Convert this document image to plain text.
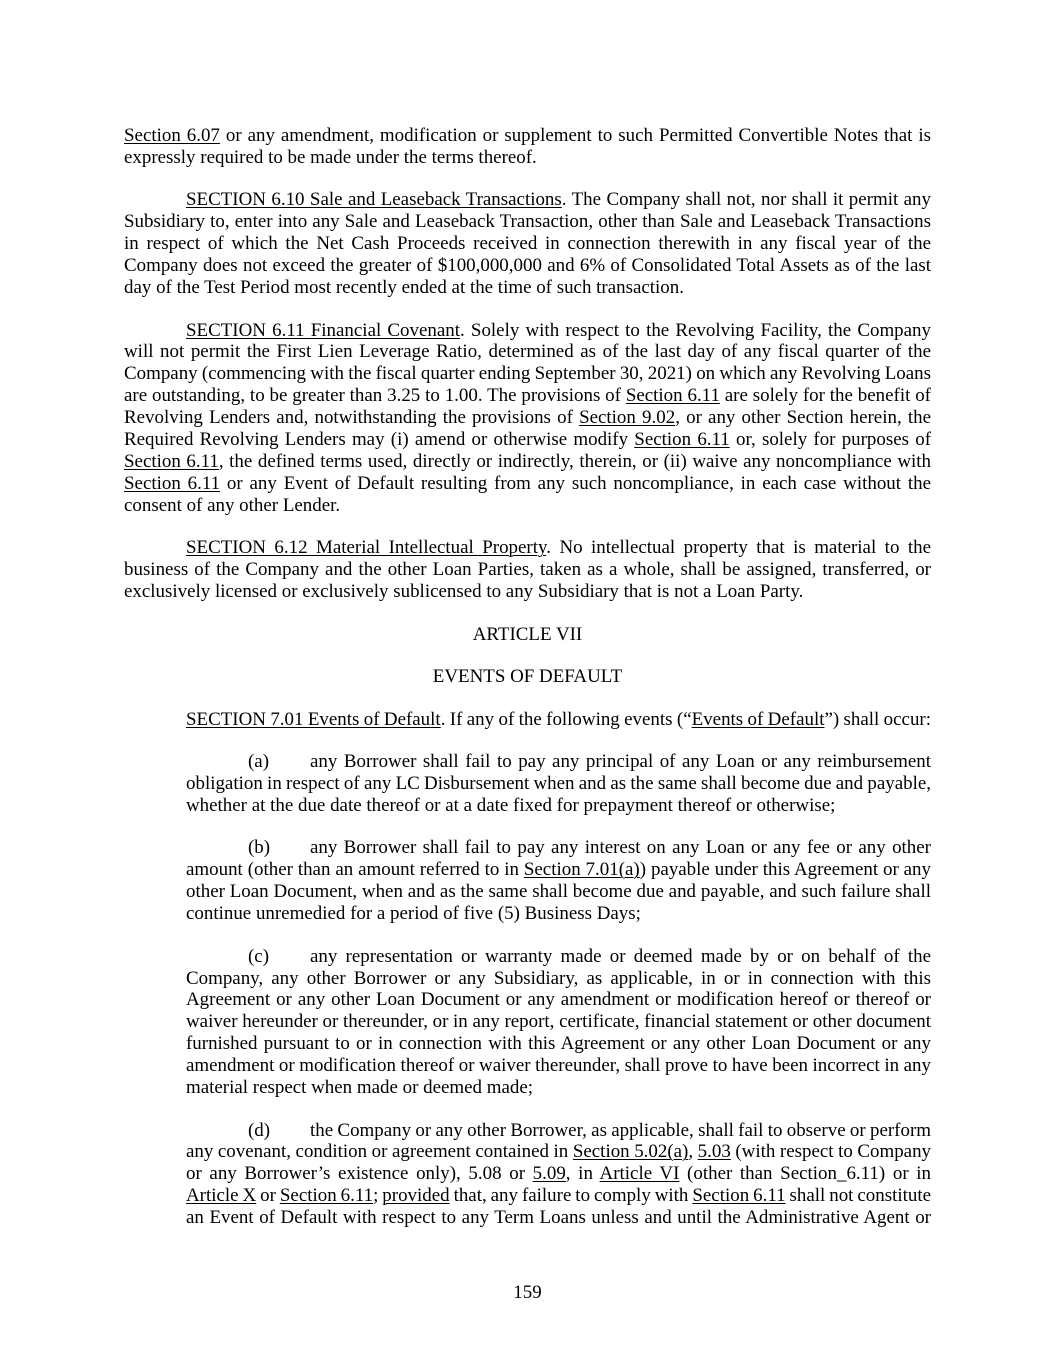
Section 6.07 or any amendment, modification or supplement to such Permitted Convertible Notes that is
expressly required to be made under the terms thereof.
SECTION 6.10 Sale and Leaseback Transactions. The Company shall not, nor shall it permit any
Subsidiary to, enter into any Sale and Leaseback Transaction, other than Sale and Leaseback Transactions
in respect of which the Net Cash Proceeds received in connection therewith in any fiscal year of the
Company does not exceed the greater of $100,000,000 and 6% of Consolidated Total Assets as of the last
day of the Test Period most recently ended at the time of such transaction.
SECTION 6.11 Financial Covenant. Solely with respect to the Revolving Facility, the Company
will not permit the First Lien Leverage Ratio, determined as of the last day of any fiscal quarter of the
Company (commencing with the fiscal quarter ending September 30, 2021) on which any Revolving Loans
are outstanding, to be greater than 3.25 to 1.00. The provisions of Section 6.11 are solely for the benefit of
Revolving Lenders and, notwithstanding the provisions of Section 9.02, or any other Section herein, the
Required Revolving Lenders may (i) amend or otherwise modify Section 6.11 or, solely for purposes of
Section 6.11, the defined terms used, directly or indirectly, therein, or (ii) waive any noncompliance with
Section 6.11 or any Event of Default resulting from any such noncompliance, in each case without the
consent of any other Lender.
SECTION 6.12 Material Intellectual Property. No intellectual property that is material to the
business of the Company and the other Loan Parties, taken as a whole, shall be assigned, transferred, or
exclusively licensed or exclusively sublicensed to any Subsidiary that is not a Loan Party.
ARTICLE VII
EVENTS OF DEFAULT
SECTION 7.01 Events of Default. If any of the following events (“Events of Default”) shall occur:
(a) any Borrower shall fail to pay any principal of any Loan or any reimbursement
obligation in respect of any LC Disbursement when and as the same shall become due and payable,
whether at the due date thereof or at a date fixed for prepayment thereof or otherwise;
(b) any Borrower shall fail to pay any interest on any Loan or any fee or any other
amount (other than an amount referred to in Section 7.01(a)) payable under this Agreement or any
other Loan Document, when and as the same shall become due and payable, and such failure shall
continue unremedied for a period of five (5) Business Days;
(c) any representation or warranty made or deemed made by or on behalf of the
Company, any other Borrower or any Subsidiary, as applicable, in or in connection with this
Agreement or any other Loan Document or any amendment or modification hereof or thereof or
waiver hereunder or thereunder, or in any report, certificate, financial statement or other document
furnished pursuant to or in connection with this Agreement or any other Loan Document or any
amendment or modification thereof or waiver thereunder, shall prove to have been incorrect in any
material respect when made or deemed made;
(d) the Company or any other Borrower, as applicable, shall fail to observe or perform
any covenant, condition or agreement contained in Section 5.02(a), 5.03 (with respect to Company
or any Borrower’s existence only), 5.08 or 5.09, in Article VI (other than Section_6.11) or in
Article X or Section 6.11; provided that, any failure to comply with Section 6.11 shall not constitute
an Event of Default with respect to any Term Loans unless and until the Administrative Agent or
159
